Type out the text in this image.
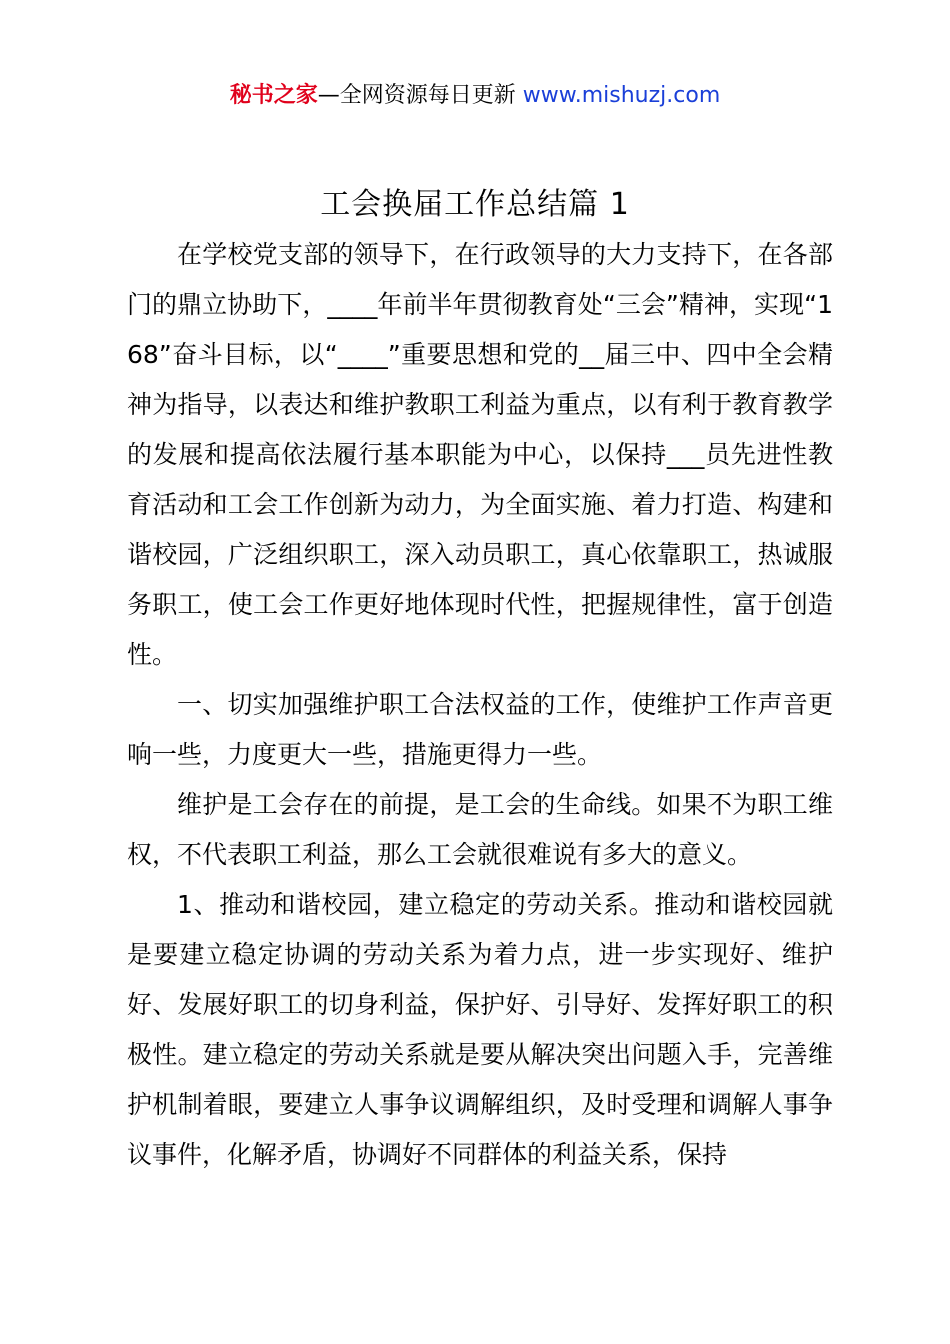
秘书之家—全网资源每日更新 www.mishuzj.com
工会换届工作总结篇 1

在学校党支部的领导下，在行政领导的大力支持下，在各部门的鼎立协助下，____年前半年贯彻教育处“三会”精神，实现“168”奋斗目标，以“____”重要思想和党的__届三中、四中全会精神为指导，以表达和维护教职工利益为重点，以有利于教育教学的发展和提高依法履行基本职能为中心，以保持___员先进性教育活动和工会工作创新为动力，为全面实施、着力打造、构建和谐校园，广泛组织职工，深入动员职工，真心依靠职工，热诚服务职工，使工会工作更好地体现时代性，把握规律性，富于创造性。

一、切实加强维护职工合法权益的工作，使维护工作声音更响一些，力度更大一些，措施更得力一些。

维护是工会存在的前提，是工会的生命线。如果不为职工维权，不代表职工利益，那么工会就很难说有多大的意义。

1、推动和谐校园，建立稳定的劳动关系。推动和谐校园就是要建立稳定协调的劳动关系为着力点，进一步实现好、维护好、发展好职工的切身利益，保护好、引导好、发挥好职工的积极性。建立稳定的劳动关系就是要从解决突出问题入手，完善维护机制着眼，要建立人事争议调解组织，及时受理和调解人事争议事件，化解矛盾，协调好不同群体的利益关系，保持
